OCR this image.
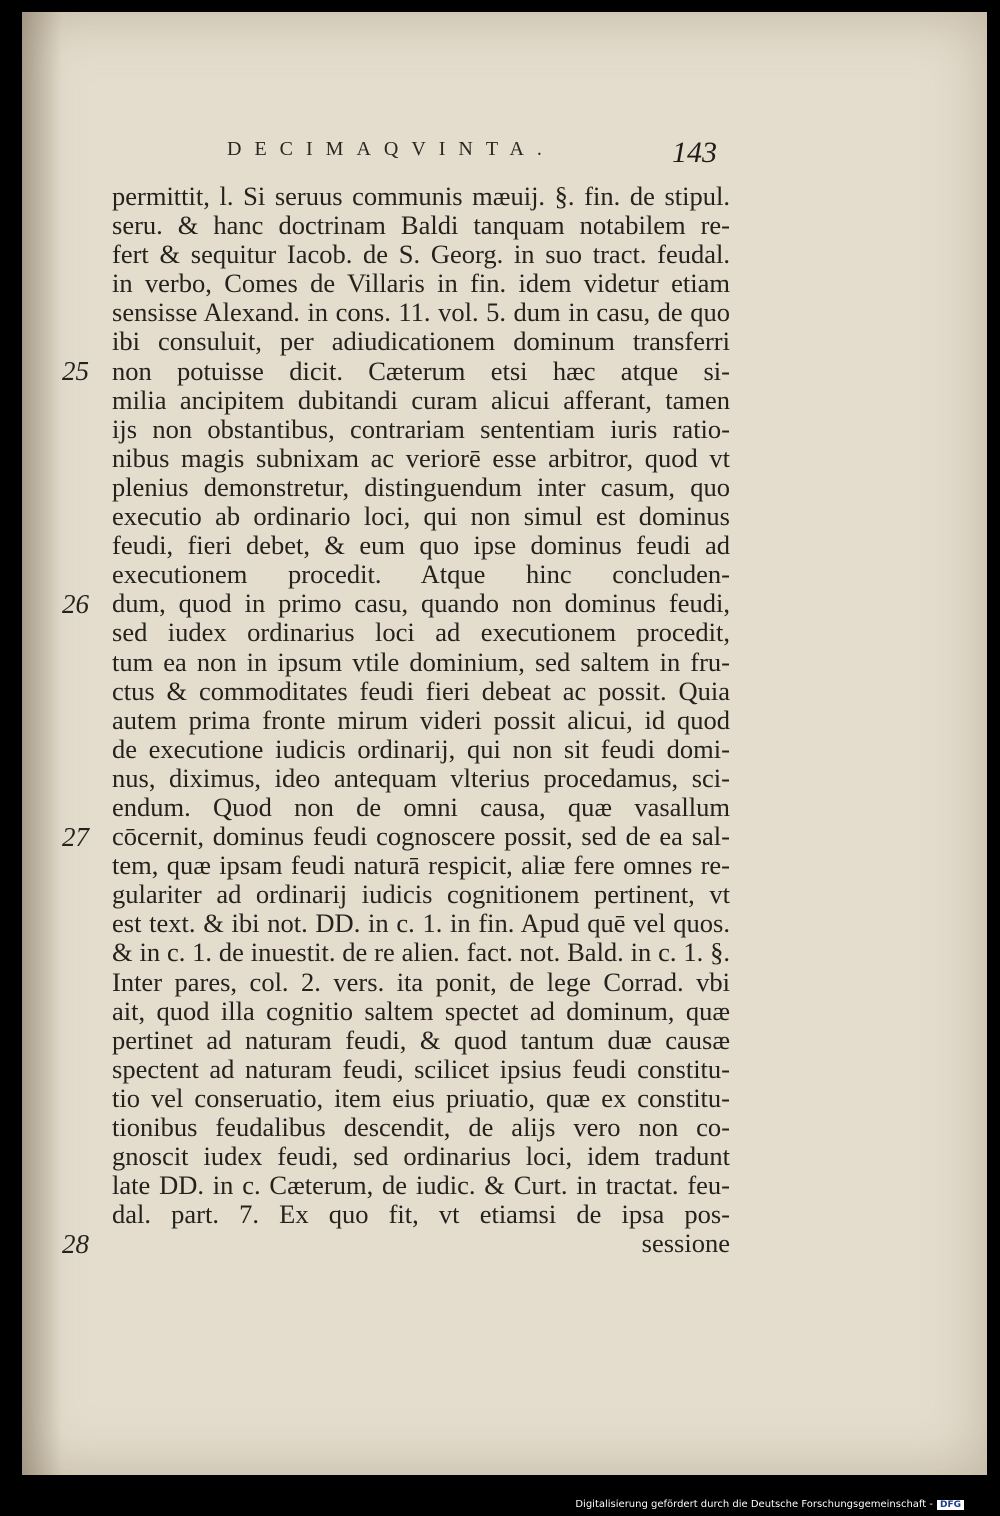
DECIMAQVINTA.	143
25
26
27
28
permittit, l. Si seruus communis mæuij. §. fin. de stipul.
seru. & hanc doctrinam Baldi tanquam notabilem re-
fert & sequitur Iacob. de S. Georg. in suo tract. feudal.
in verbo, Comes de Villaris in fin. idem videtur etiam
sensisse Alexand. in cons. 11. vol. 5. dum in casu, de quo
ibi consuluit, per adiudicationem dominum transferri
non potuisse dicit. Cæterum etsi hæc atque si-
milia ancipitem dubitandi curam alicui afferant, tamen
ijs non obstantibus, contrariam sententiam iuris ratio-
nibus magis subnixam ac veriorē esse arbitror, quod vt
plenius demonstretur, distinguendum inter casum, quo
executio ab ordinario loci, qui non simul est dominus
feudi, fieri debet, & eum quo ipse dominus feudi ad
executionem procedit. Atque hinc concluden-
dum, quod in primo casu, quando non dominus feudi,
sed iudex ordinarius loci ad executionem procedit,
tum ea non in ipsum vtile dominium, sed saltem in fru-
ctus & commoditates feudi fieri debeat ac possit. Quia
autem prima fronte mirum videri possit alicui, id quod
de executione iudicis ordinarij, qui non sit feudi domi-
nus, diximus, ideo antequam vlterius procedamus, sci-
endum. Quod non de omni causa, quæ vasallum
cōcernit, dominus feudi cognoscere possit, sed de ea sal-
tem, quæ ipsam feudi naturā respicit, aliæ fere omnes re-
gulariter ad ordinarij iudicis cognitionem pertinent, vt
est text. & ibi not. DD. in c. 1. in fin. Apud quē vel quos.
& in c. 1. de inuestit. de re alien. fact. not. Bald. in c. 1. §.
Inter pares, col. 2. vers. ita ponit, de lege Corrad. vbi
ait, quod illa cognitio saltem spectet ad dominum, quæ
pertinet ad naturam feudi, & quod tantum duæ causæ
spectent ad naturam feudi, scilicet ipsius feudi constitu-
tio vel conseruatio, item eius priuatio, quæ ex constitu-
tionibus feudalibus descendit, de alijs vero non co-
gnoscit iudex feudi, sed ordinarius loci, idem tradunt
late DD. in c. Cæterum, de iudic. & Curt. in tractat. feu-
dal. part. 7. Ex quo fit, vt etiamsi de ipsa pos-
sessione
Digitalisierung gefördert durch die Deutsche Forschungsgemeinschaft - DFG
